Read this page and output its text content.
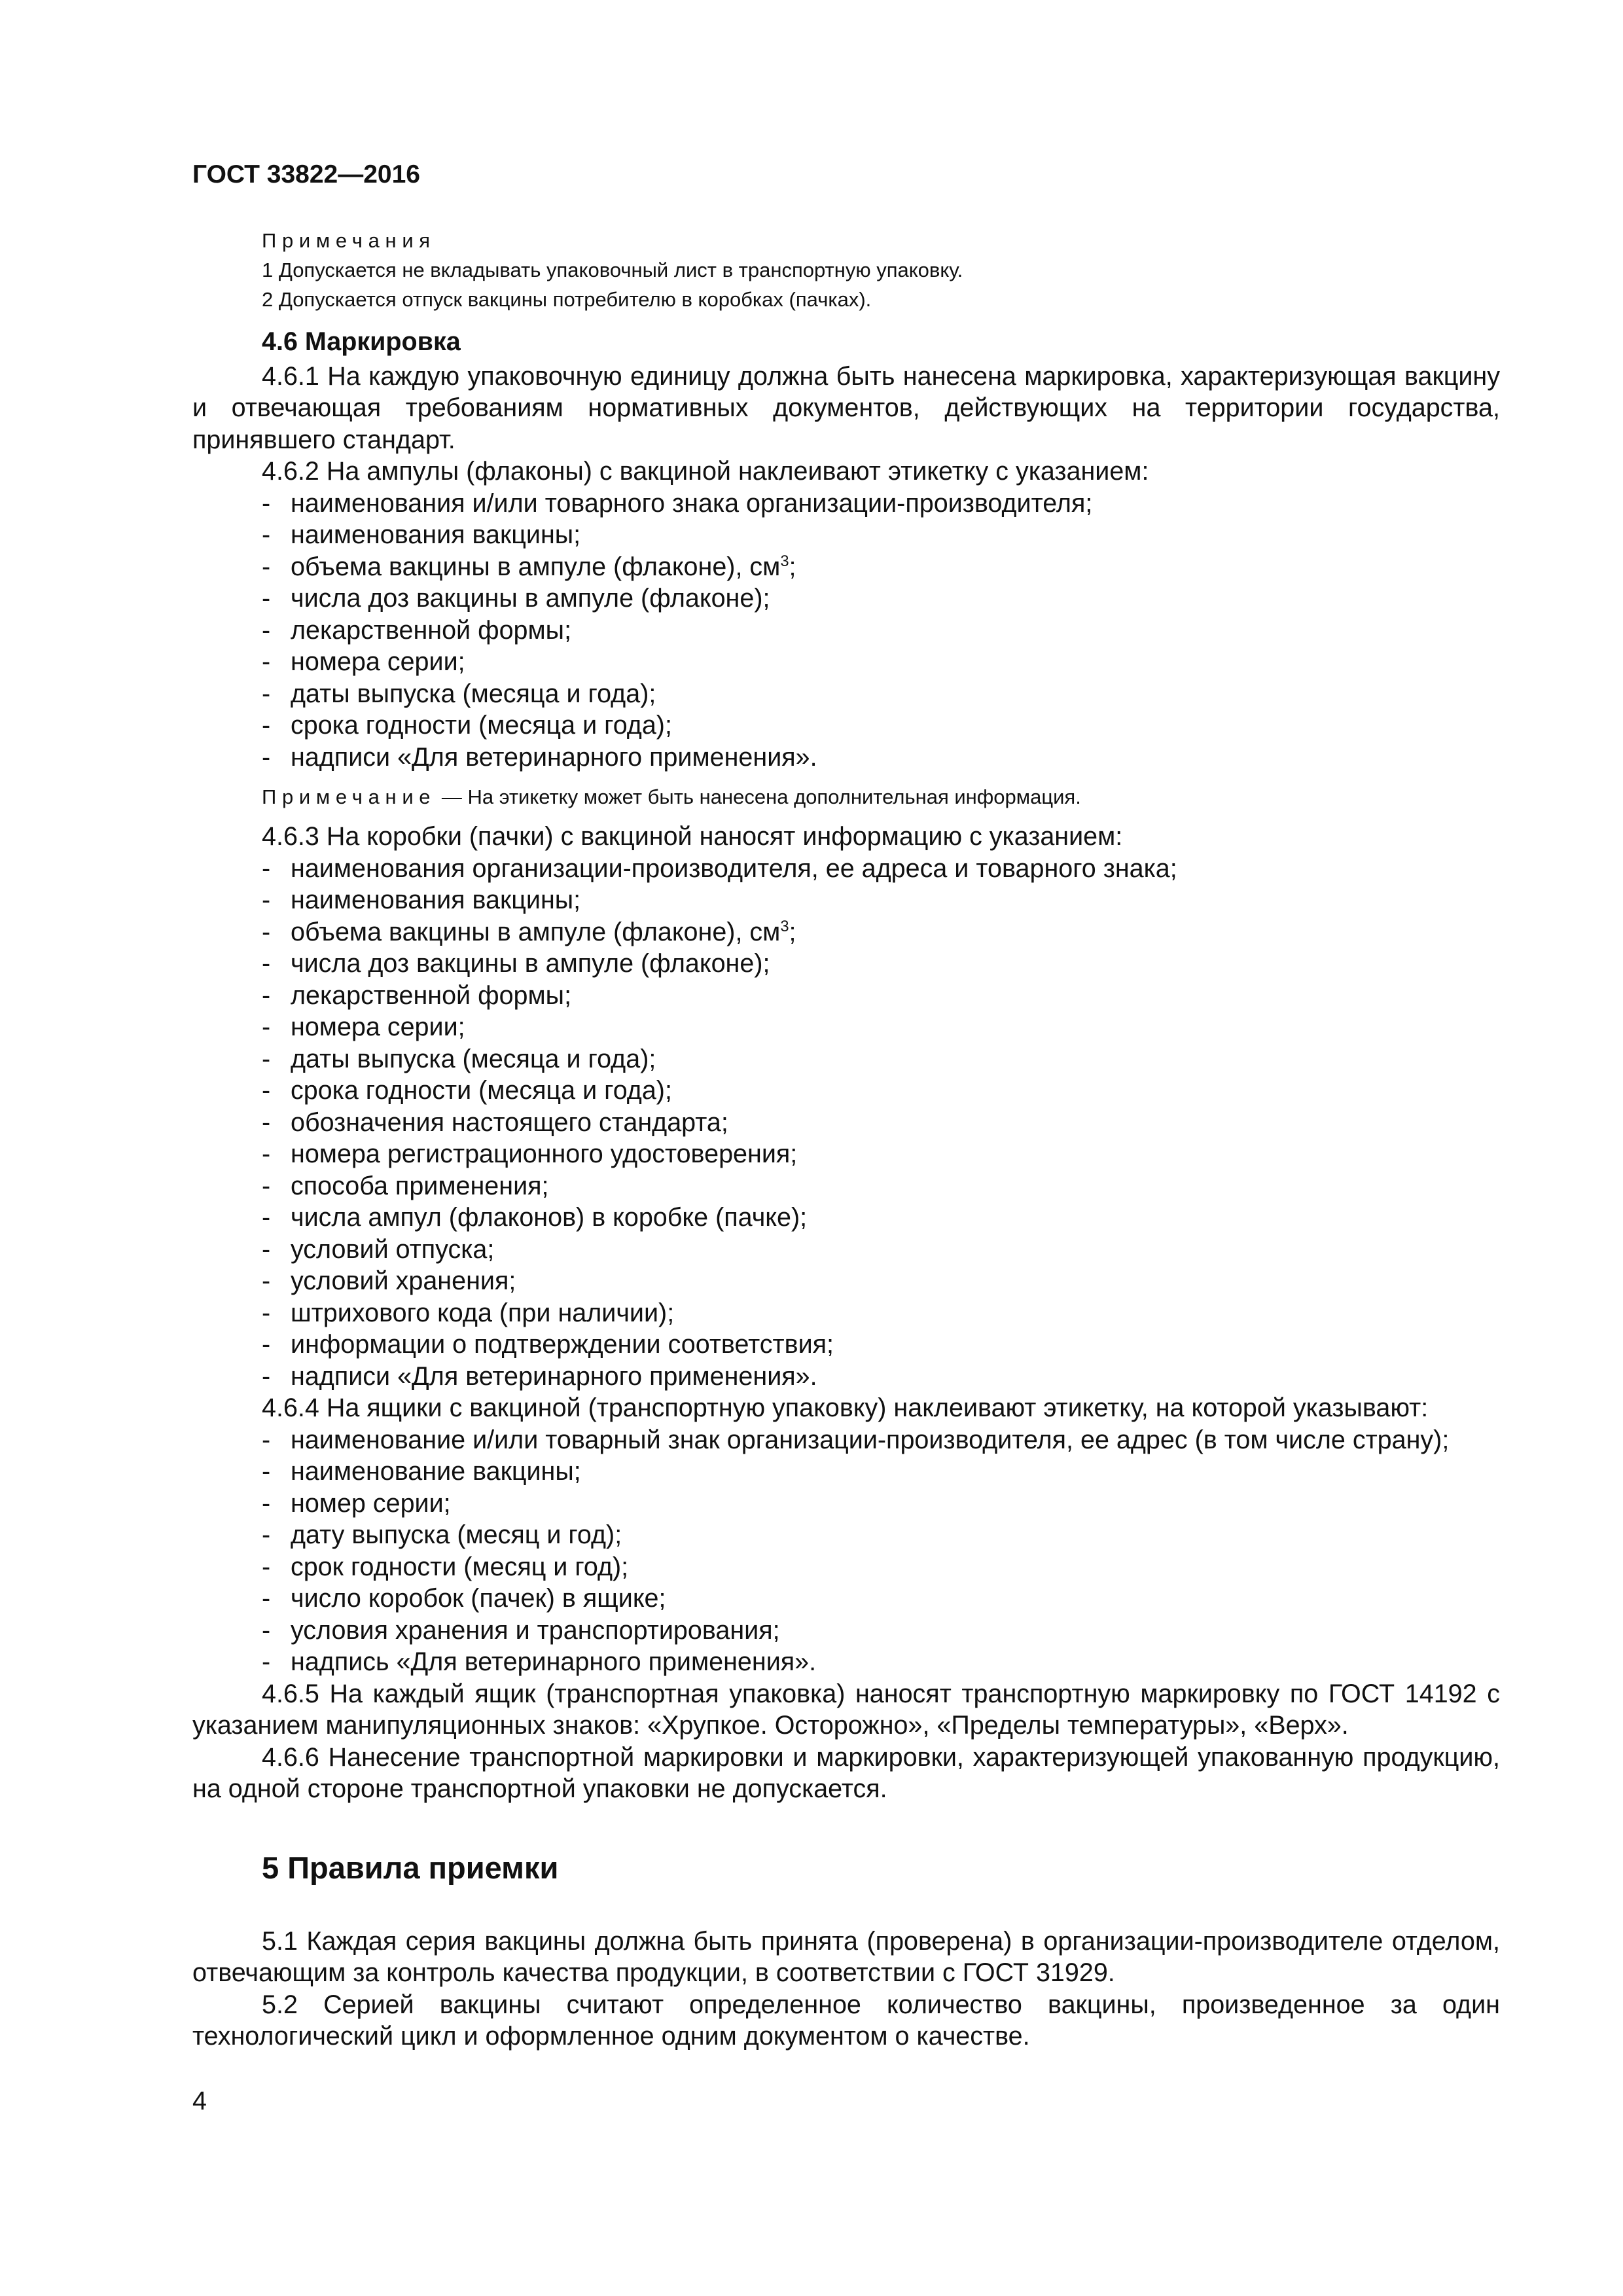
ГОСТ 33822—2016
Примечания
1 Допускается не вкладывать упаковочный лист в транспортную упаковку.
2 Допускается отпуск вакцины потребителю в коробках (пачках).
4.6 Маркировка
4.6.1 На каждую упаковочную единицу должна быть нанесена маркировка, характеризующая вакцину и отвечающая требованиям нормативных документов, действующих на территории государства, принявшего стандарт.
4.6.2 На ампулы (флаконы) с вакциной наклеивают этикетку с указанием:
- наименования и/или товарного знака организации-производителя;
- наименования вакцины;
- объема вакцины в ампуле (флаконе), $см^3$;
- числа доз вакцины в ампуле (флаконе);
- лекарственной формы;
- номера серии;
- даты выпуска (месяца и года);
- срока годности (месяца и года);
- надписи «Для ветеринарного применения».
Примечание — На этикетку может быть нанесена дополнительная информация.
4.6.3 На коробки (пачки) с вакциной наносят информацию с указанием:
- наименования организации-производителя, ее адреса и товарного знака;
- наименования вакцины;
- объема вакцины в ампуле (флаконе), $см^3$;
- числа доз вакцины в ампуле (флаконе);
- лекарственной формы;
- номера серии;
- даты выпуска (месяца и года);
- срока годности (месяца и года);
- обозначения настоящего стандарта;
- номера регистрационного удостоверения;
- способа применения;
- числа ампул (флаконов) в коробке (пачке);
- условий отпуска;
- условий хранения;
- штрихового кода (при наличии);
- информации о подтверждении соответствия;
- надписи «Для ветеринарного применения».
4.6.4 На ящики с вакциной (транспортную упаковку) наклеивают этикетку, на которой указывают:
- наименование и/или товарный знак организации-производителя, ее адрес (в том числе страну);
- наименование вакцины;
- номер серии;
- дату выпуска (месяц и год);
- срок годности (месяц и год);
- число коробок (пачек) в ящике;
- условия хранения и транспортирования;
- надпись «Для ветеринарного применения».
4.6.5 На каждый ящик (транспортная упаковка) наносят транспортную маркировку по ГОСТ 14192 с указанием манипуляционных знаков: «Хрупкое. Осторожно», «Пределы температуры», «Верх».
4.6.6 Нанесение транспортной маркировки и маркировки, характеризующей упакованную продукцию, на одной стороне транспортной упаковки не допускается.
5 Правила приемки
5.1 Каждая серия вакцины должна быть принята (проверена) в организации-производителе отделом, отвечающим за контроль качества продукции, в соответствии с ГОСТ 31929.
5.2 Серией вакцины считают определенное количество вакцины, произведенное за один технологический цикл и оформленное одним документом о качестве.
4
